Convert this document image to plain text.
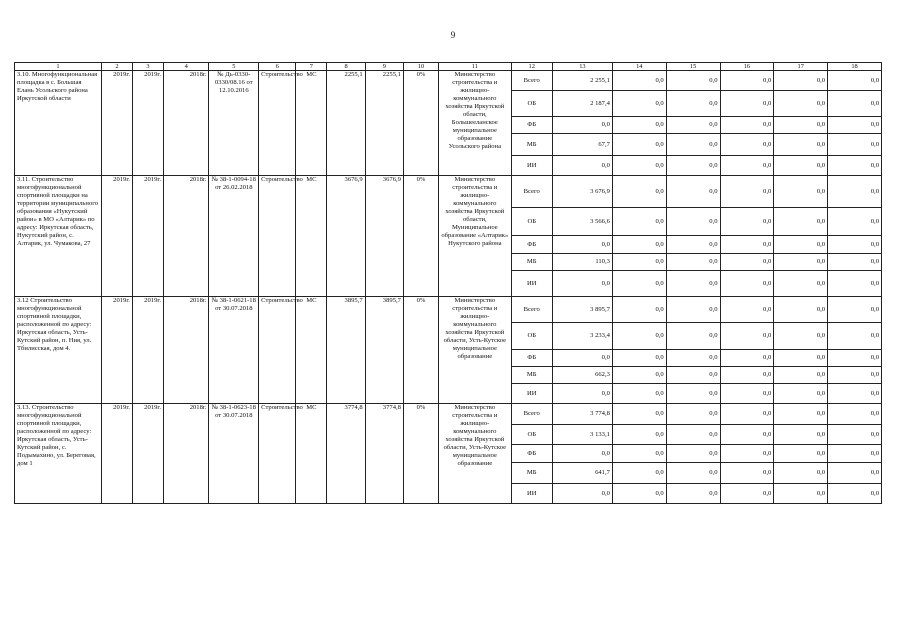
9
1	2	3	4	5	6	7	8	9	10	11	12	13	14	15	16	17	18
3.10. Многофункциональная площадка в с. Большая Елань Усольского района Иркутской области	2019г.	2019г.	2018г.	№ Дь-0330-0330/08.16 от 12.10.2016	Строительство	МС	2255,1	2255,1	0%	Министерство строительства и жилищно-коммунального хозяйства Иркутской области, Большееланское муниципальное образование Усольского района	Всего	2 255,1	0,0	0,0	0,0	0,0	0,0
											ОБ	2 187,4	0,0	0,0	0,0	0,0	0,0
											ФБ	0,0	0,0	0,0	0,0	0,0	0,0
											МБ	67,7	0,0	0,0	0,0	0,0	0,0
											ИИ	0,0	0,0	0,0	0,0	0,0	0,0
3.11. Строительство многофункциональной спортивной площадки на территории муниципального образования «Нукутский район» в МО «Алтарик» по адресу: Иркутская область, Нукутский район, с. Алтарик, ул. Чумакова, 27	2019г.	2019г.	2018г.	№ 38-1-0094-18 от 26.02.2018	Строительство	МС	3676,9	3676,9	0%	Министерство строительства и жилищно-коммунального хозяйства Иркутской области, Муниципальное образование «Алтарик» Нукутского района	Всего	3 676,9	0,0	0,0	0,0	0,0	0,0
											ОБ	3 566,6	0,0	0,0	0,0	0,0	0,0
											ФБ	0,0	0,0	0,0	0,0	0,0	0,0
											МБ	110,3	0,0	0,0	0,0	0,0	0,0
											ИИ	0,0	0,0	0,0	0,0	0,0	0,0
3.12 Строительство многофункциональной спортивной площадки, расположенной по адресу: Иркутская область, Усть-Кутский район, п. Ния, ул. Тбилисская, дом 4.	2019г.	2019г.	2018г.	№ 38-1-0621-18 от 30.07.2018	Строительство	МС	3895,7	3895,7	0%	Министерство строительства и жилищно-коммунального хозяйства Иркутской области, Усть-Кутское муниципальное образование	Всего	3 895,7	0,0	0,0	0,0	0,0	0,0
											ОБ	3 233,4	0,0	0,0	0,0	0,0	0,0
											ФБ	0,0	0,0	0,0	0,0	0,0	0,0
											МБ	662,3	0,0	0,0	0,0	0,0	0,0
											ИИ	0,0	0,0	0,0	0,0	0,0	0,0
3.13. Строительство многофункциональной спортивной площадки, расположенной по адресу: Иркутская область, Усть-Кутский район, с. Подымахино, ул. Береговая, дом 1	2019г.	2019г.	2018г.	№ 38-1-0623-18 от 30.07.2018	Строительство	МС	3774,8	3774,8	0%	Министерство строительства и жилищно-коммунального хозяйства Иркутской области, Усть-Кутское муниципальное образование	Всего	3 774,8	0,0	0,0	0,0	0,0	0,0
											ОБ	3 133,1	0,0	0,0	0,0	0,0	0,0
											ФБ	0,0	0,0	0,0	0,0	0,0	0,0
											МБ	641,7	0,0	0,0	0,0	0,0	0,0
											ИИ	0,0	0,0	0,0	0,0	0,0	0,0
